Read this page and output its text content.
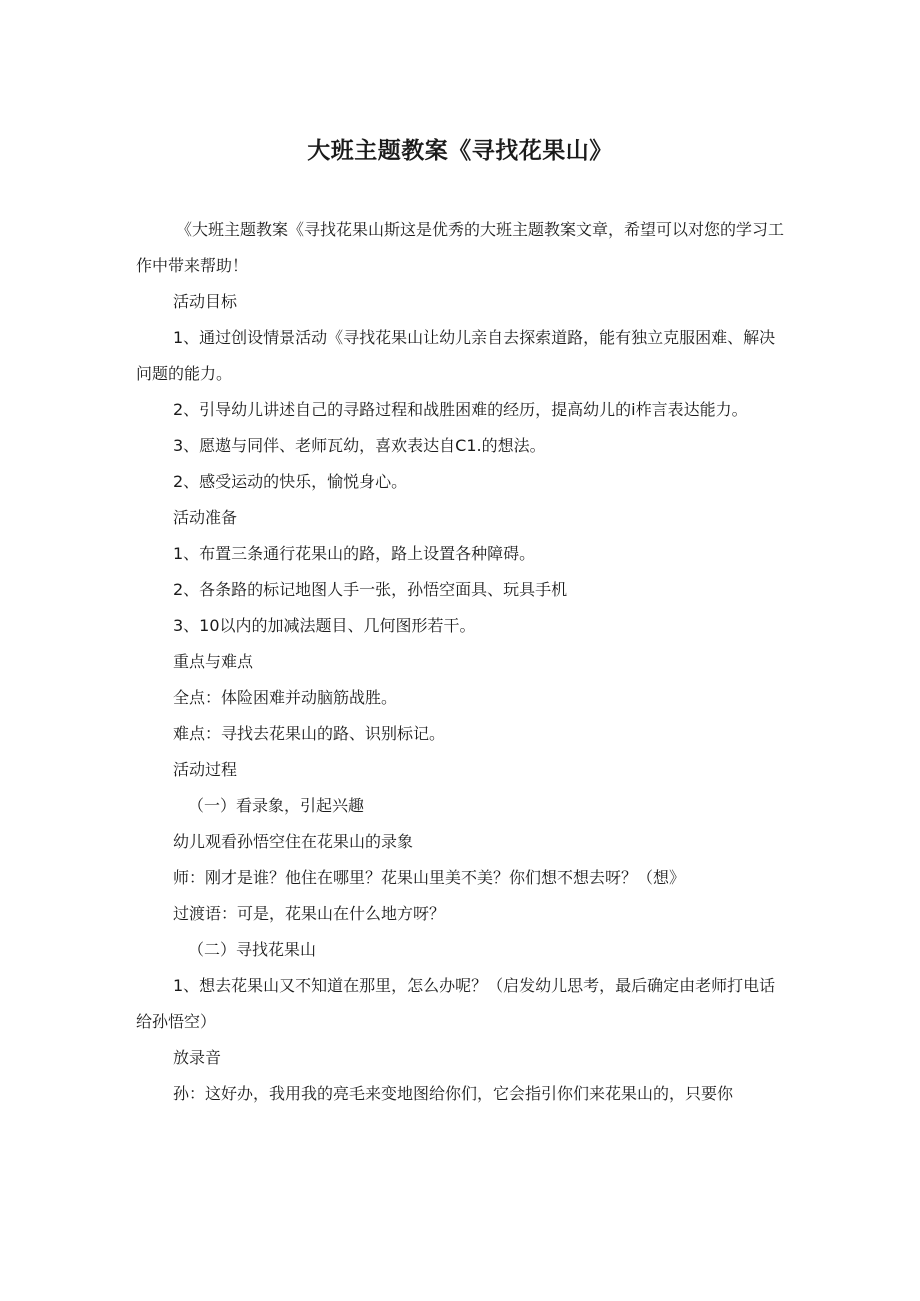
大班主题教案《寻找花果山》

《大班主题教案《寻找花果山斯这是优秀的大班主题教案文章，希望可以对您的学习工作中带来帮助！

活动目标

1、通过创设情景活动《寻找花果山让幼儿亲自去探索道路，能有独立克服困难、解决问题的能力。

2、引导幼儿讲述自己的寻路过程和战胜困难的经历，提高幼儿的i柞言表达能力。

3、愿遨与同伴、老师瓦幼，喜欢表达自C1.的想法。

2、感受运动的快乐，愉悦身心。

活动准备

1、布置三条通行花果山的路，路上设置各种障碍。

2、各条路的标记地图人手一张，孙悟空面具、玩具手机

3、10以内的加减法题目、几何图形若干。

重点与难点

全点：体险困难并动脑筋战胜。

难点：寻找去花果山的路、识别标记。

活动过程

（一）看录象，引起兴趣

幼儿观看孙悟空住在花果山的录象

师：刚才是谁？他住在哪里？花果山里美不美？你们想不想去呀？（想》

过渡语：可是，花果山在什么地方呀？

（二）寻找花果山

1、想去花果山又不知道在那里，怎么办呢？（启发幼儿思考，最后确定由老师打电话给孙悟空）

放录音

孙：这好办，我用我的亮毛来变地图给你们，它会指引你们来花果山的，只要你
